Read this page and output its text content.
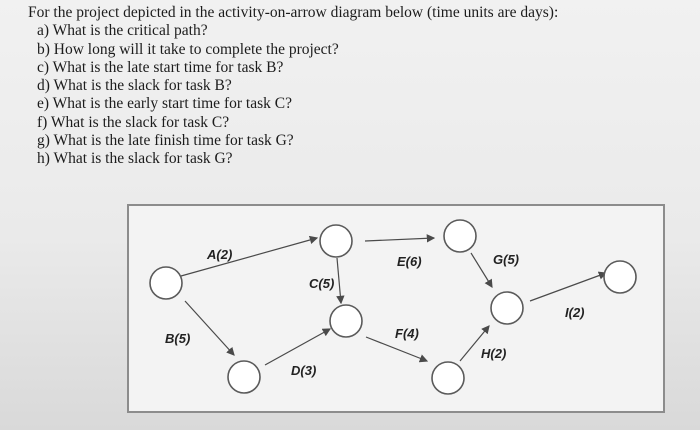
For the project depicted in the activity-on-arrow diagram below (time units are days):

a) What is the critical path?
b) How long will it take to complete the project?
c) What is the late start time for task B?
d) What is the slack for task B?
e) What is the early start time for task C?
f) What is the slack for task C?
g) What is the late finish time for task G?
h) What is the slack for task G?
A(2)
B(5)
C(5)
D(3)
E(6)
F(4)
G(5)
H(2)
I(2)
